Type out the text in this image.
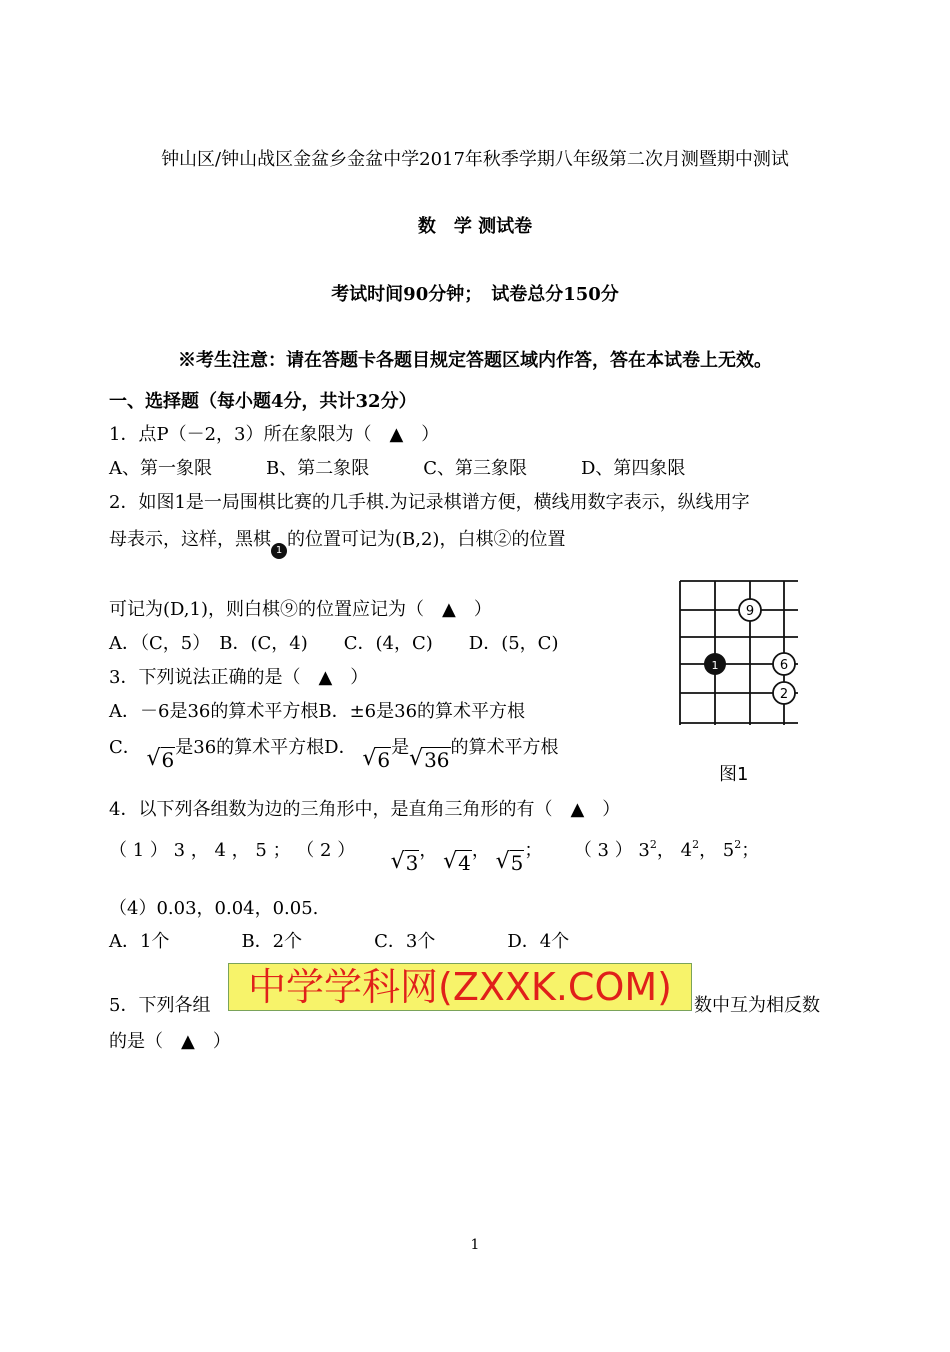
钟山区/钟山战区金盆乡金盆中学2017年秋季学期八年级第二次月测暨期中测试
数　学 测试卷
考试时间90分钟；　试卷总分150分
※考生注意：请在答题卡各题目规定答题区域内作答，答在本试卷上无效。
一、选择题（每小题4分，共计32分）
1．点P（－2，3）所在象限为（　▲　）
A、第一象限　　　B、第二象限　　　C、第三象限　　　D、第四象限
2．如图1是一局围棋比赛的几手棋.为记录棋谱方便，横线用数字表示，纵线用字
母表示，这样，黑棋1的位置可记为(B,2)，白棋②的位置
可记为(D,1)，则白棋⑨的位置应记为（　▲　）
A．（C，5）　B．(C，4)　　C．(4，C)　　D．(5，C)
9
1	6
2
图1
3．下列说法正确的是（　▲　）
A．－6是36的算术平方根B．±6是36的算术平方根
C． √ 6是36的算术平方根D． √ 6是√ 36的算术平方根
4．以下列各组数为边的三角形中，是直角三角形的有（　▲　）
（ 1 ） 3 ， 4 ， 5 ； （ 2 ）  √ 3， √ 4， √ 5； （ 3 ） $3^2$， $4^2$， $5^2$；
（4）0.03，0.04，0.05.
A．1个　　　　B．2个　　　　C．3个　　　　D．4个
5．下列各组 中学学科网(ZXXK.COM)	数中互为相反数
的是（　▲　）
1
